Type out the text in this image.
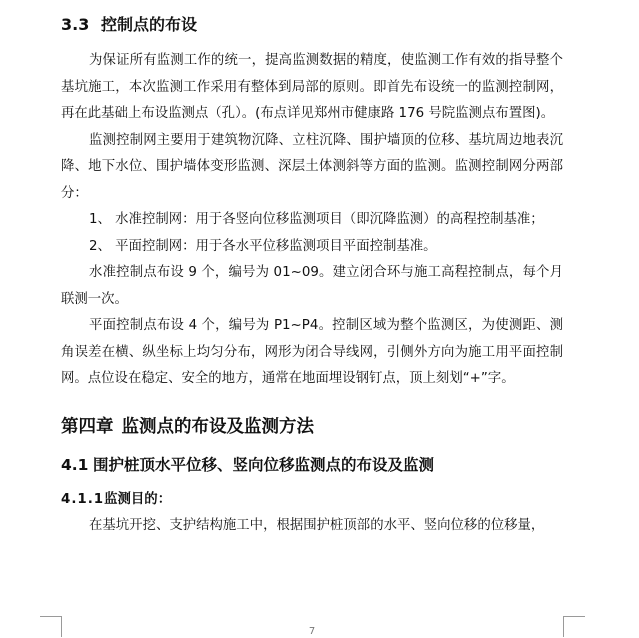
3.3 控制点的布设

为保证所有监测工作的统一，提高监测数据的精度，使监测工作有效的指导整个基坑施工，本次监测工作采用有整体到局部的原则。即首先布设统一的监测控制网，再在此基础上布设监测点（孔）。(布点详见郑州市健康路 176 号院监测点布置图)。

监测控制网主要用于建筑物沉降、立柱沉降、围护墙顶的位移、基坑周边地表沉降、地下水位、围护墙体变形监测、深层土体测斜等方面的监测。监测控制网分两部分：

1、 水准控制网：用于各竖向位移监测项目（即沉降监测）的高程控制基准；

2、 平面控制网：用于各水平位移监测项目平面控制基准。

水准控制点布设 9 个，编号为 01~09。建立闭合环与施工高程控制点，每个月联测一次。

平面控制点布设 4 个，编号为 P1~P4。控制区域为整个监测区，为使测距、测角误差在横、纵坐标上均匀分布，网形为闭合导线网，引侧外方向为施工用平面控制网。点位设在稳定、安全的地方，通常在地面埋设钢钉点，顶上刻划“+”字。

第四章 监测点的布设及监测方法
4.1 围护桩顶水平位移、竖向位移监测点的布设及监测
4.1.1监测目的：

在基坑开挖、支护结构施工中，根据围护桩顶部的水平、竖向位移的位移量，

7
